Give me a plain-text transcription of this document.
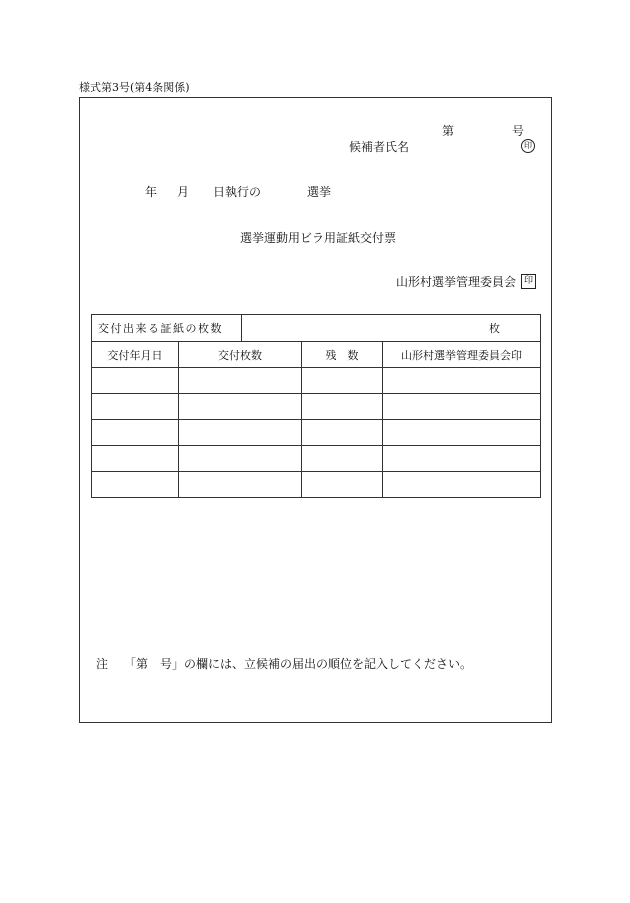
様式第3号(第4条関係)
第	号
候補者氏名	印
年 月 日執行の	選挙
選挙運動用ビラ用証紙交付票
山形村選挙管理委員会 印
交付出来る証紙の枚数		枚		
交付年月日	交付枚数		残　数	山形村選挙管理委員会印

注 「第　号」の欄には、立候補の届出の順位を記入してください。
